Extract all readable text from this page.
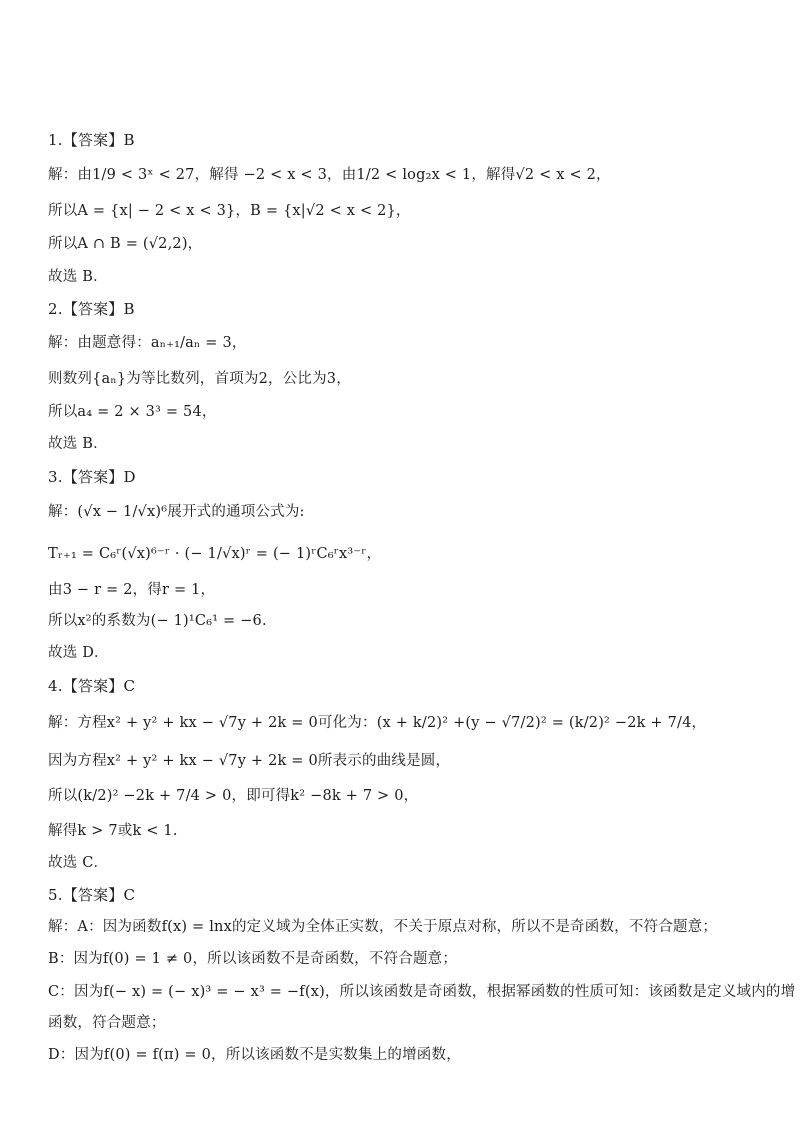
1.【答案】B
解：由1/9 < 3ˣ < 27，解得 −2 < x < 3，由1/2 < log₂x < 1，解得√2 < x < 2，
所以A = {x| − 2 < x < 3}，B = {x|√2 < x < 2}，
所以A ∩ B = (√2,2)，
故选 B．
2.【答案】B
解：由题意得：aₙ₊₁/aₙ = 3，
则数列{aₙ}为等比数列，首项为2，公比为3，
所以a₄ = 2 × 3³ = 54，
故选 B．
3.【答案】D
解：(√x − 1/√x)⁶展开式的通项公式为:
Tᵣ₊₁ = C₆ʳ(√x)⁶⁻ʳ · (− 1/√x)ʳ = (− 1)ʳC₆ʳx³⁻ʳ，
由3 − r = 2，得r = 1，
所以x²的系数为(− 1)¹C₆¹ = −6.
故选 D．
4.【答案】C
解：方程x² + y² + kx − √7y + 2k = 0可化为：(x + k/2)² +(y − √7/2)² = (k/2)² −2k + 7/4，
因为方程x² + y² + kx − √7y + 2k = 0所表示的曲线是圆，
所以(k/2)² −2k + 7/4 > 0，即可得k² −8k + 7 > 0，
解得k > 7或k < 1.
故选 C．
5.【答案】C
解：A：因为函数f(x) = lnx的定义域为全体正实数，不关于原点对称，所以不是奇函数，不符合题意；
B：因为f(0) = 1 ≠ 0，所以该函数不是奇函数，不符合题意；
C：因为f(− x) = (− x)³ = − x³ = −f(x)，所以该函数是奇函数，根据幂函数的性质可知：该函数是定义域内的增
函数，符合题意；
D：因为f(0) = f(π) = 0，所以该函数不是实数集上的增函数，
